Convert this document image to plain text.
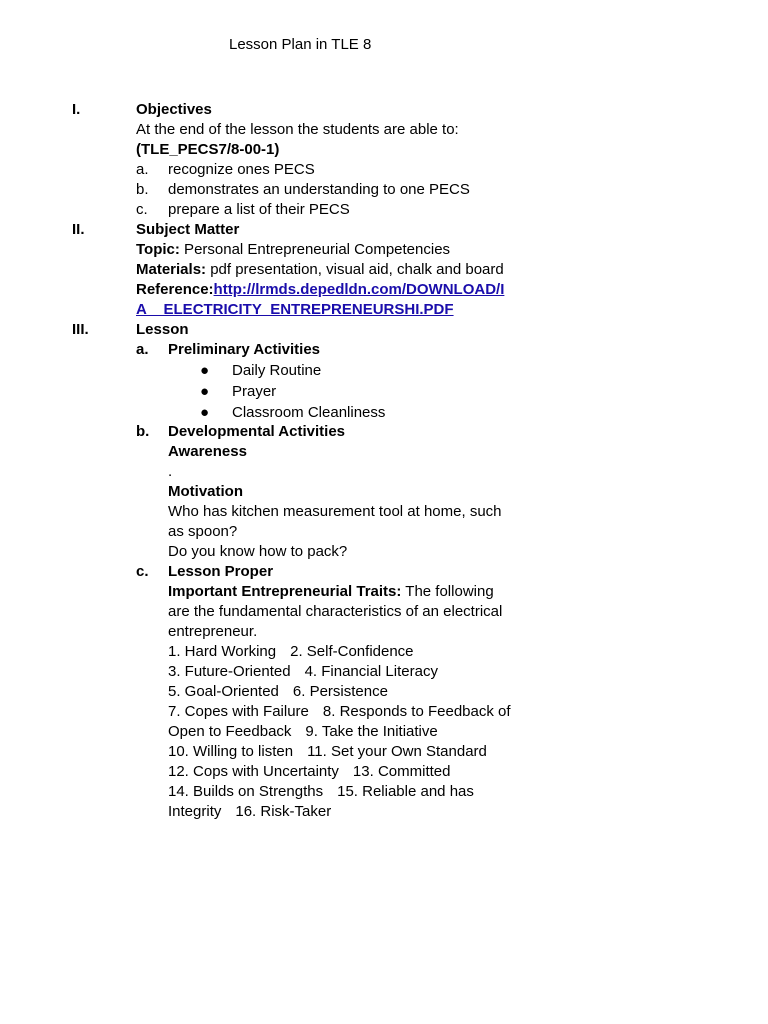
Lesson Plan in TLE 8
I.	Objectives
At the end of the lesson the students are able to:
(TLE_PECS7/8-00-1)
a. recognize ones PECS
b. demonstrates an understanding to one PECS
c. prepare a list of their PECS
II.	Subject Matter
Topic: Personal Entrepreneurial Competencies
Materials: pdf presentation, visual aid, chalk and board
Reference:http://lrmds.depedldn.com/DOWNLOAD/I
A__ELECTRICITY_ENTREPRENEURSHI.PDF
III.	Lesson
a. Preliminary Activities
● Daily Routine
● Prayer
● Classroom Cleanliness
b. Developmental Activities
Awareness
.
Motivation
Who has kitchen measurement tool at home, such
as spoon?
Do you know how to pack?
c. Lesson Proper
Important Entrepreneurial Traits: The following
are the fundamental characteristics of an electrical
entrepreneur.
1. Hard Working 2. Self-Confidence
3. Future-Oriented 4. Financial Literacy
5. Goal-Oriented 6. Persistence
7. Copes with Failure 8. Responds to Feedback of
Open to Feedback 9. Take the Initiative
10. Willing to listen 11. Set your Own Standard
12. Cops with Uncertainty 13. Committed
14. Builds on Strengths 15. Reliable and has
Integrity 16. Risk-Taker
